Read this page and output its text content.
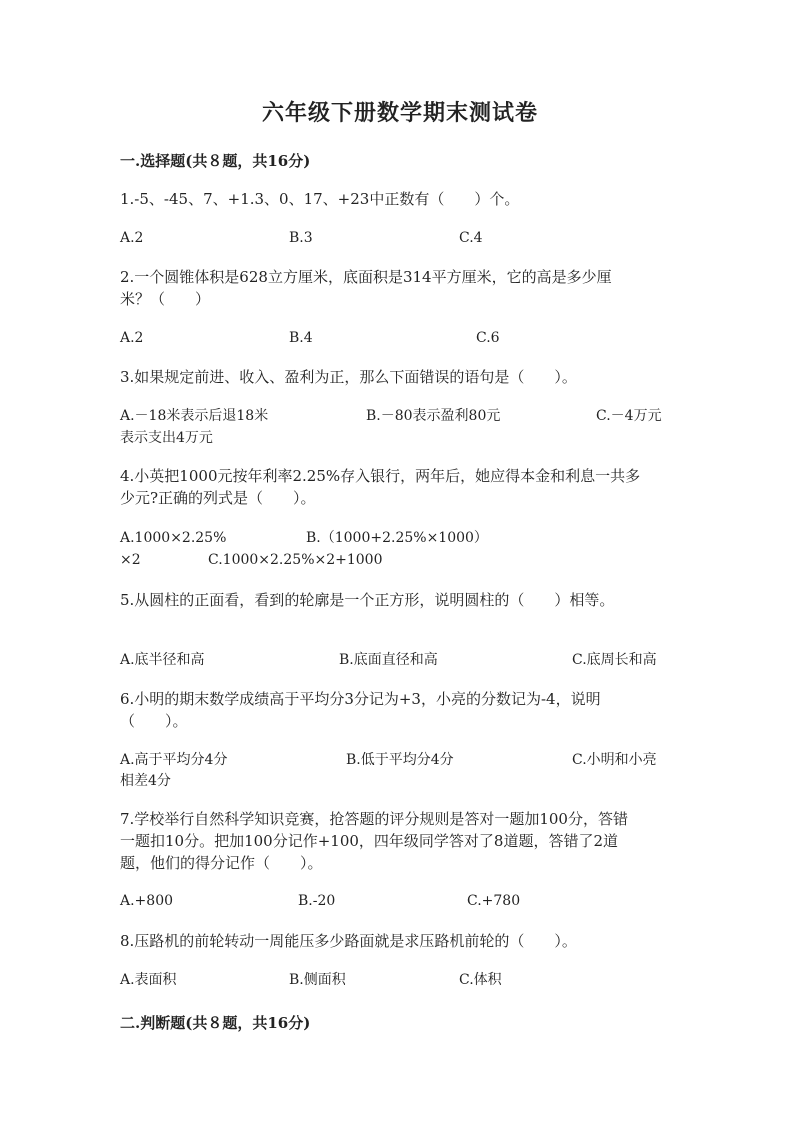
六年级下册数学期末测试卷
一.选择题(共８题，共16分)
1.-5、-45、7、+1.3、0、17、+23中正数有（　　）个。
A.2	B.3	C.4
2.一个圆锥体积是628立方厘米，底面积是314平方厘米，它的高是多少厘
米？（　　）
A.2	B.4	C.6
3.如果规定前进、收入、盈利为正，那么下面错误的语句是（　　）。
A.－18米表示后退18米	B.－80表示盈利80元	C.－4万元
表示支出4万元
4.小英把1000元按年利率2.25%存入银行，两年后，她应得本金和利息一共多
少元?正确的列式是（　　）。
A.1000×2.25%	B.（1000+2.25%×1000）
×2	C.1000×2.25%×2+1000
5.从圆柱的正面看，看到的轮廓是一个正方形，说明圆柱的（　　）相等。
A.底半径和高	B.底面直径和高	C.底周长和高
6.小明的期末数学成绩高于平均分3分记为+3，小亮的分数记为-4，说明
（　　）。
A.高于平均分4分	B.低于平均分4分	C.小明和小亮
相差4分
7.学校举行自然科学知识竞赛，抢答题的评分规则是答对一题加100分，答错
一题扣10分。把加100分记作+100，四年级同学答对了8道题，答错了2道
题，他们的得分记作（　　）。
A.+800	B.-20	C.+780
8.压路机的前轮转动一周能压多少路面就是求压路机前轮的（　　）。
A.表面积	B.侧面积	C.体积
二.判断题(共８题，共16分)
